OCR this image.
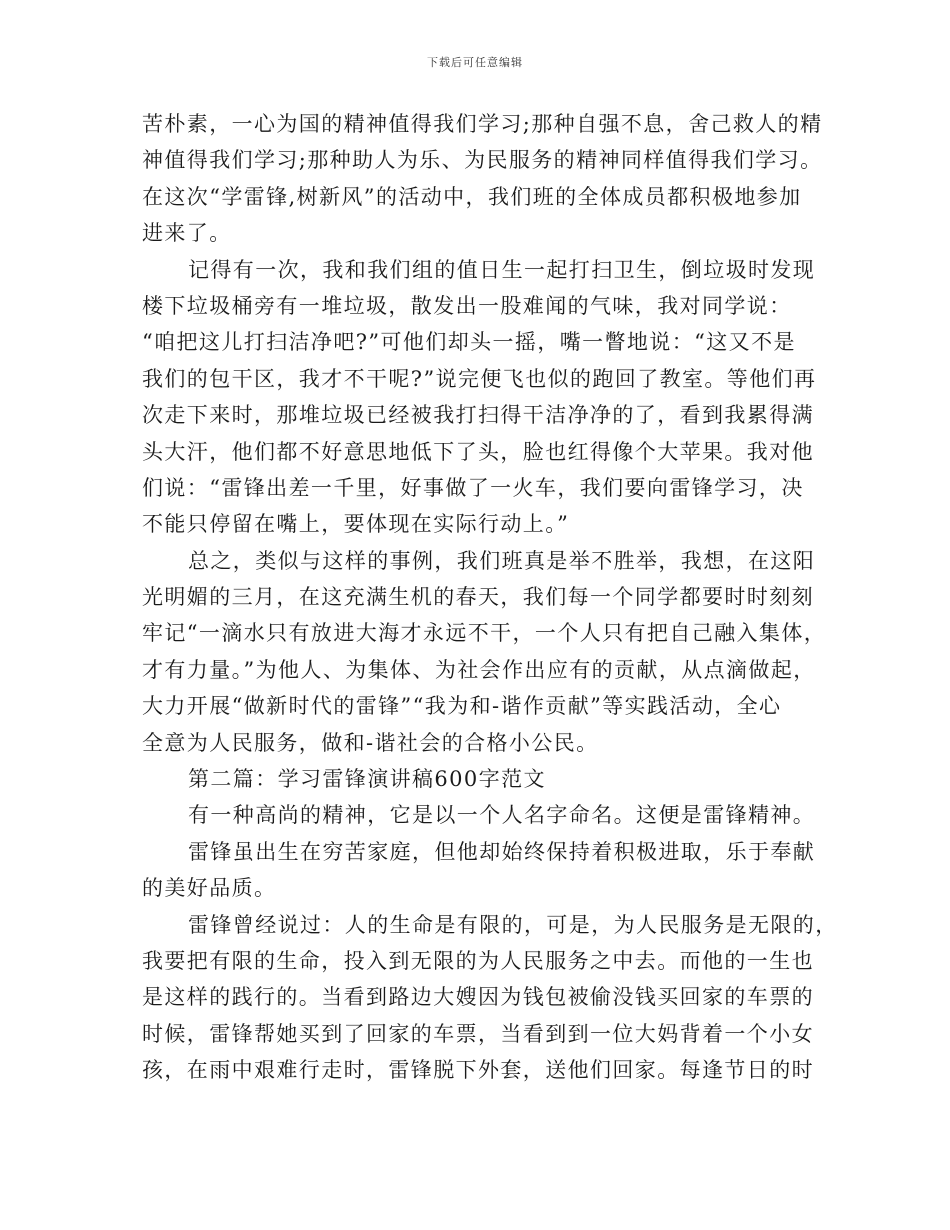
下载后可任意编辑
苦朴素，一心为国的精神值得我们学习;那种自强不息，舍己救人的精
神值得我们学习;那种助人为乐、为民服务的精神同样值得我们学习。
在这次“学雷锋,树新风”的活动中，我们班的全体成员都积极地参加
进来了。
记得有一次，我和我们组的值日生一起打扫卫生，倒垃圾时发现
楼下垃圾桶旁有一堆垃圾，散发出一股难闻的气味，我对同学说：
“咱把这儿打扫洁净吧?”可他们却头一摇，嘴一瞥地说：“这又不是
我们的包干区，我才不干呢?”说完便飞也似的跑回了教室。等他们再
次走下来时，那堆垃圾已经被我打扫得干洁净净的了，看到我累得满
头大汗，他们都不好意思地低下了头，脸也红得像个大苹果。我对他
们说：“雷锋出差一千里，好事做了一火车，我们要向雷锋学习，决
不能只停留在嘴上，要体现在实际行动上。”
总之，类似与这样的事例，我们班真是举不胜举，我想，在这阳
光明媚的三月，在这充满生机的春天，我们每一个同学都要时时刻刻
牢记“一滴水只有放进大海才永远不干，一个人只有把自己融入集体，
才有力量。”为他人、为集体、为社会作出应有的贡献，从点滴做起，
大力开展“做新时代的雷锋”“我为和-谐作贡献”等实践活动，全心
全意为人民服务，做和-谐社会的合格小公民。
第二篇：学习雷锋演讲稿600字范文
有一种高尚的精神，它是以一个人名字命名。这便是雷锋精神。
雷锋虽出生在穷苦家庭，但他却始终保持着积极进取，乐于奉献
的美好品质。
雷锋曾经说过：人的生命是有限的，可是，为人民服务是无限的，
我要把有限的生命，投入到无限的为人民服务之中去。而他的一生也
是这样的践行的。当看到路边大嫂因为钱包被偷没钱买回家的车票的
时候，雷锋帮她买到了回家的车票，当看到到一位大妈背着一个小女
孩，在雨中艰难行走时，雷锋脱下外套，送他们回家。每逢节日的时
